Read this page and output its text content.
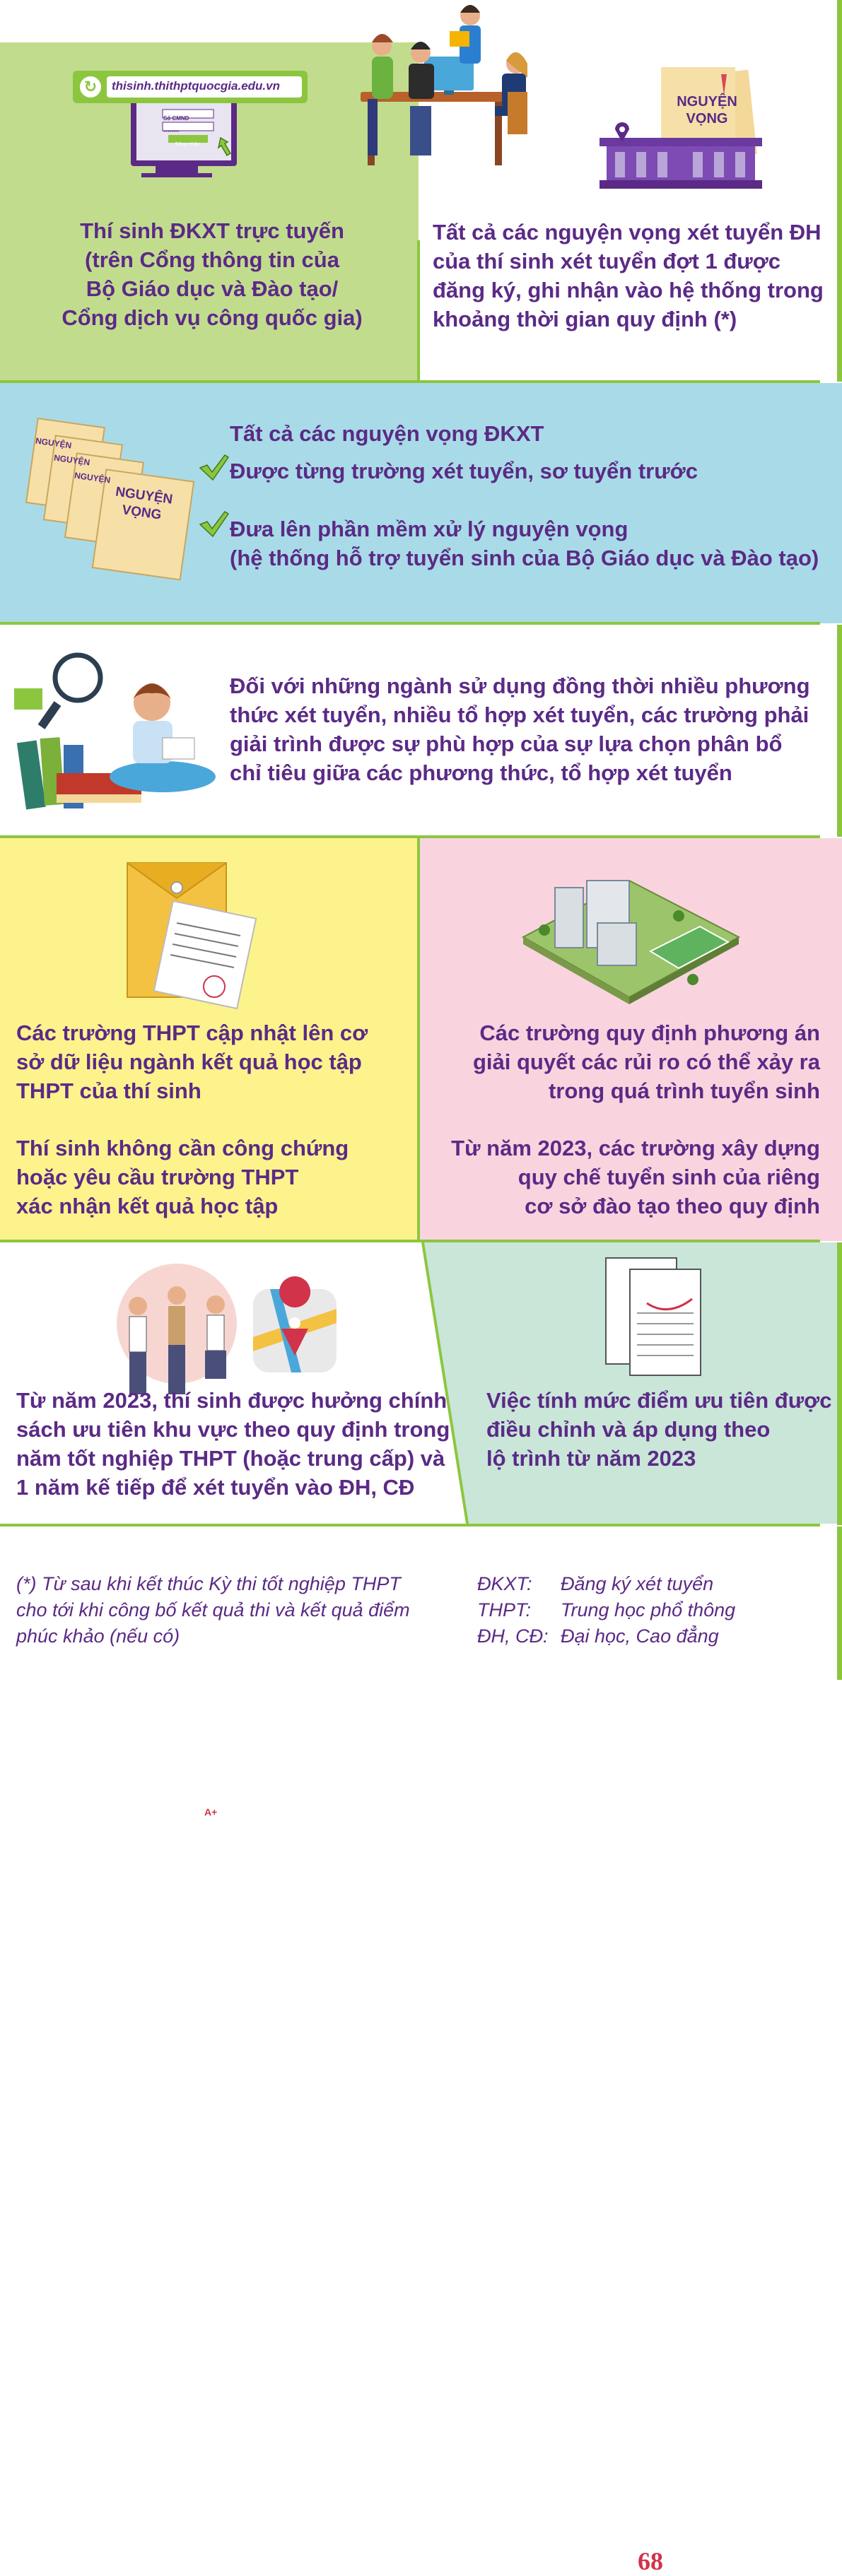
↻	thisinh.thithptquocgia.edu.vn
Số CMND
••••••••
Đăng nhập
NGUYỆN
VỌNG
Thí sinh ĐKXT trực tuyến
(trên Cổng thông tin của
Bộ Giáo dục và Đào tạo/
Cổng dịch vụ công quốc gia)
Tất cả các nguyện vọng xét tuyển ĐH
của thí sinh xét tuyển đợt 1 được
đăng ký, ghi nhận vào hệ thống trong
khoảng thời gian quy định (*)
NGUYỆN
NGUYỆN
NGUYỆN
NGUYỆN
VỌNG
Tất cả các nguyện vọng ĐKXT
Được từng trường xét tuyển, sơ tuyển trước
Đưa lên phần mềm xử lý nguyện vọng
(hệ thống hỗ trợ tuyển sinh của Bộ Giáo dục và Đào tạo)
Đối với những ngành sử dụng đồng thời nhiều phương
thức xét tuyển, nhiều tổ hợp xét tuyển, các trường phải
giải trình được sự phù hợp của sự lựa chọn phân bổ
chỉ tiêu giữa các phương thức, tổ hợp xét tuyển
A+
Các trường THPT cập nhật lên cơ
sở dữ liệu ngành kết quả học tập
THPT của thí sinh
Thí sinh không cần công chứng
hoặc yêu cầu trường THPT
xác nhận kết quả học tập
Các trường quy định phương án
giải quyết các rủi ro có thể xảy ra
trong quá trình tuyển sinh
Từ năm 2023, các trường xây dựng
quy chế tuyển sinh của riêng
cơ sở đào tạo theo quy định
68
Từ năm 2023, thí sinh được hưởng chính
sách ưu tiên khu vực theo quy định trong
năm tốt nghiệp THPT (hoặc trung cấp) và
1 năm kế tiếp để xét tuyển vào ĐH, CĐ
Việc tính mức điểm ưu tiên được
điều chỉnh và áp dụng theo
lộ trình từ năm 2023
(*) Từ sau khi kết thúc Kỳ thi tốt nghiệp THPT
cho tới khi công bố kết quả thi và kết quả điểm
phúc khảo (nếu có)
ĐKXT:	Đăng ký xét tuyển
THPT:	Trung học phổ thông
ĐH, CĐ: Đại học, Cao đẳng
